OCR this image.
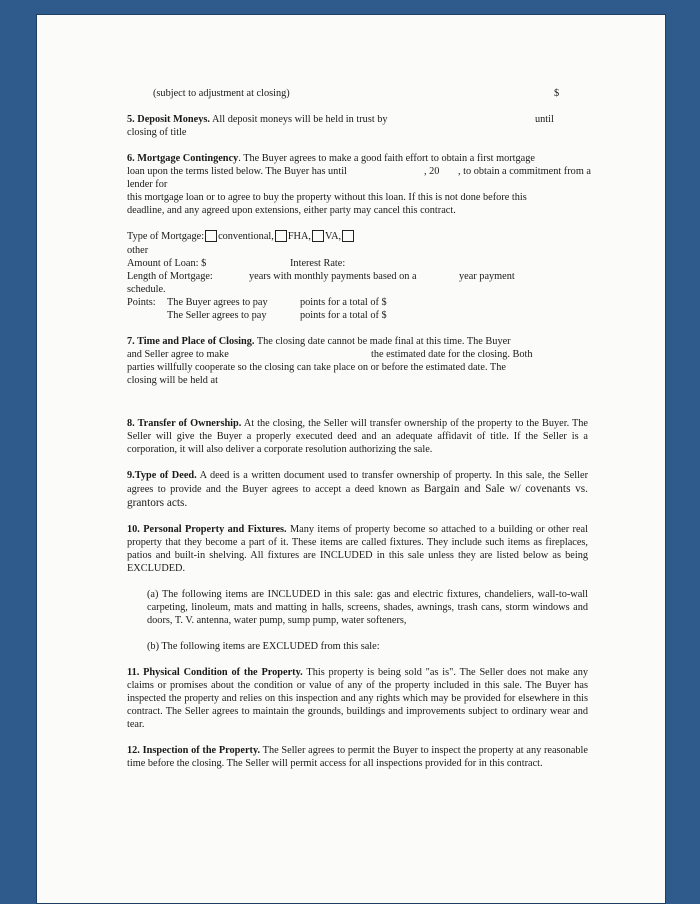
(subject to adjustment at closing)	$
5. Deposit Moneys. All deposit moneys will be held in trust by	until
closing of title
6. Mortgage Contingency. The Buyer agrees to make a good faith effort to obtain a first mortgage
loan upon the terms listed below. The Buyer has until	, 20 , to obtain a commitment from a
lender for
this mortgage loan or to agree to buy the property without this loan. If this is not done before this
deadline, and any agreed upon extensions, either party may cancel this contract.
Type of Mortgage: conventional, FHA, VA,
other
Amount of Loan: $	Interest Rate:
Length of Mortgage:	years with monthly payments based on a	year payment
schedule.
Points: The Buyer agrees to pay	points for a total of $
The Seller agrees to pay	points for a total of $
7. Time and Place of Closing. The closing date cannot be made final at this time. The Buyer
and Seller agree to make	the estimated date for the closing. Both
parties willfully cooperate so the closing can take place on or before the estimated date. The
closing will be held at
8. Transfer of Ownership. At the closing, the Seller will transfer ownership of the property to the Buyer. The Seller will give the Buyer a properly executed deed and an adequate affidavit of title. If the Seller is a corporation, it will also deliver a corporate resolution authorizing the sale.
9.Type of Deed. A deed is a written document used to transfer ownership of property. In this sale, the Seller agrees to provide and the Buyer agrees to accept a deed known as Bargain and Sale w/ covenants vs. grantors acts.
10. Personal Property and Fixtures. Many items of property become so attached to a building or other real property that they become a part of it. These items are called fixtures. They include such items as fireplaces, patios and built-in shelving. All fixtures are INCLUDED in this sale unless they are listed below as being EXCLUDED.
(a) The following items are INCLUDED in this sale: gas and electric fixtures, chandeliers, wall-to-wall carpeting, linoleum, mats and matting in halls, screens, shades, awnings, trash cans, storm windows and doors, T. V. antenna, water pump, sump pump, water softeners,
(b) The following items are EXCLUDED from this sale:
11. Physical Condition of the Property. This property is being sold "as is". The Seller does not make any claims or promises about the condition or value of any of the property included in this sale. The Buyer has inspected the property and relies on this inspection and any rights which may be provided for elsewhere in this contract. The Seller agrees to maintain the grounds, buildings and improvements subject to ordinary wear and tear.
12. Inspection of the Property. The Seller agrees to permit the Buyer to inspect the property at any reasonable time before the closing. The Seller will permit access for all inspections provided for in this contract.
